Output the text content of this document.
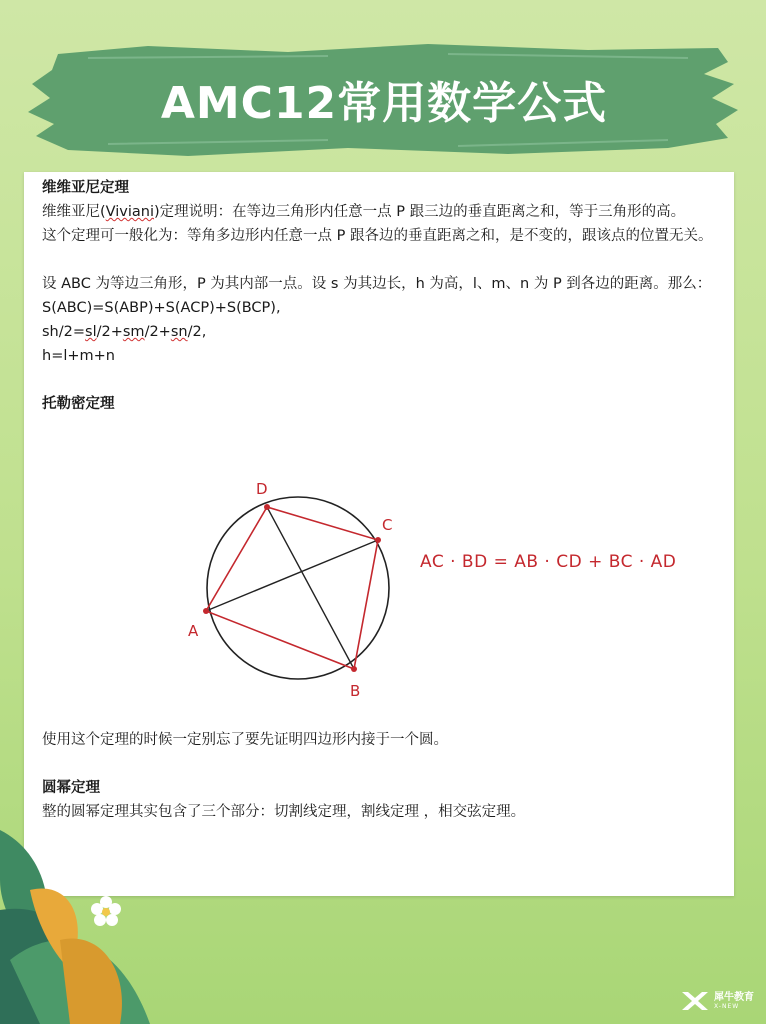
AMC12常用数学公式

维维亚尼定理

维维亚尼(Viviani)定理说明：在等边三角形内任意一点 P 跟三边的垂直距离之和，等于三角形的高。

这个定理可一般化为：等角多边形内任意一点 P 跟各边的垂直距离之和，是不变的，跟该点的位置无关。

设 ABC 为等边三角形，P 为其内部一点。设 s 为其边长，h 为高，l、m、n 为 P 到各边的距离。那么：S(ABC)=S(ABP)+S(ACP)+S(BCP),

sh/2=sl/2+sm/2+sn/2,

h=l+m+n

托勒密定理

A
B
C
D
AC · BD = AB · CD + BC · AD

使用这个定理的时候一定别忘了要先证明四边形内接于一个圆。

圆幂定理

整的圆幂定理其实包含了三个部分：切割线定理，割线定理 ，相交弦定理。

犀牛教育
X-NEW
